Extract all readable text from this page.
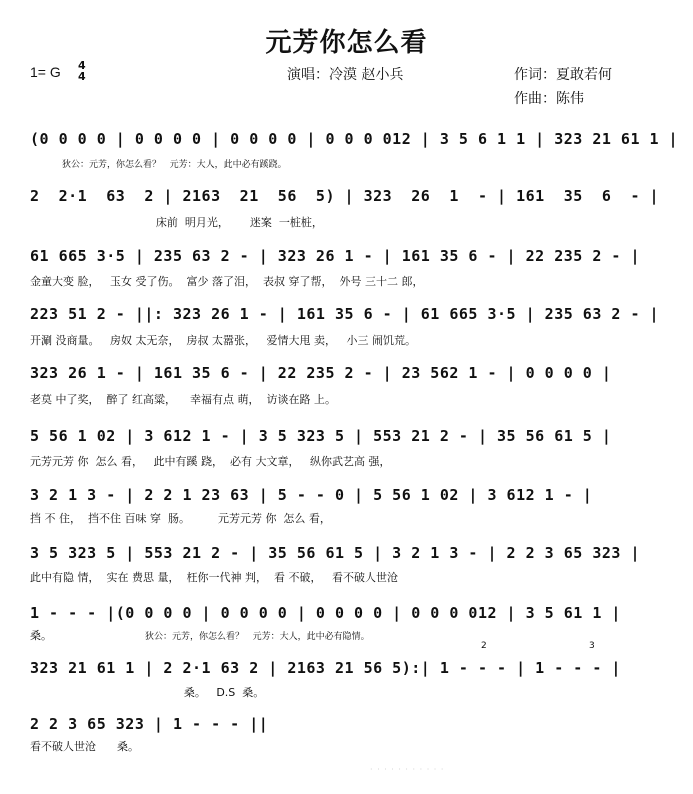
元芳你怎么看
1= G 4
4	演唱：冷漠 赵小兵	作词：夏敢若何
作曲：陈伟
(0 0 0 0 | 0 0 0 0 | 0 0 0 0 | 0 0 0 012 | 3 5 6 1 1 | 323 21 61 1 |
狄公：元芳，你怎么看？   元芳：大人，此中必有蹊跷。
2  2·1  63  2 | 2163  21  56  5) | 323  26  1  - | 161  35  6  - |
床前  明月光，      迷案  一桩桩，
61 665 3·5 | 235 63 2 - | 323 26 1 - | 161 35 6 - | 22 235 2 - |
金童大变 脸，   玉女 受了伤。  富少 落了泪，  表叔 穿了帮，  外号 三十二 郎，
223 51 2 - ||: 323 26 1 - | 161 35 6 - | 61 665 3·5 | 235 63 2 - |
开涮 没商量。   房奴 太无奈，  房叔 太嚣张，   爱情大甩 卖，   小三 闹饥荒。
323 26 1 - | 161 35 6 - | 22 235 2 - | 23 562 1 - | 0 0 0 0 |
老莫 中了奖，  醉了 红高粱，    幸福有点 萌，  访谈在路 上。
5 56 1 02 | 3 612 1 - | 3 5 323 5 | 553 21 2 - | 35 56 61 5 |
元芳元芳 你  怎么 看，   此中有蹊 跷，  必有 大文章，   纵你武艺高 强，
3 2 1 3 - | 2 2 1 23 63 | 5 - - 0 | 5 56 1 02 | 3 612 1 - |
挡 不 住，  挡不住 百味 穿  肠。        元芳元芳 你  怎么 看，
3 5 323 5 | 553 21 2 - | 35 56 61 5 | 3 2 1 3 - | 2 2 3 65 323 |
此中有隐 情，  实在 费思 量，  枉你一代神 判，  看 不破，   看不破人世沧
1 - - - |(0 0 0 0 | 0 0 0 0 | 0 0 0 0 | 0 0 0 012 | 3 5 61 1 |
桑。	狄公：元芳，你怎么看？   元芳：大人，此中必有隐情。
2	3
323 21 61 1 | 2 2·1 63 2 | 2163 21 56 5):| 1 - - - | 1 - - - |
桑。   D.S  桑。
2 2 3 65 323 | 1 - - - ||
看不破人世沧      桑。
· · · · · · · · · · ·
